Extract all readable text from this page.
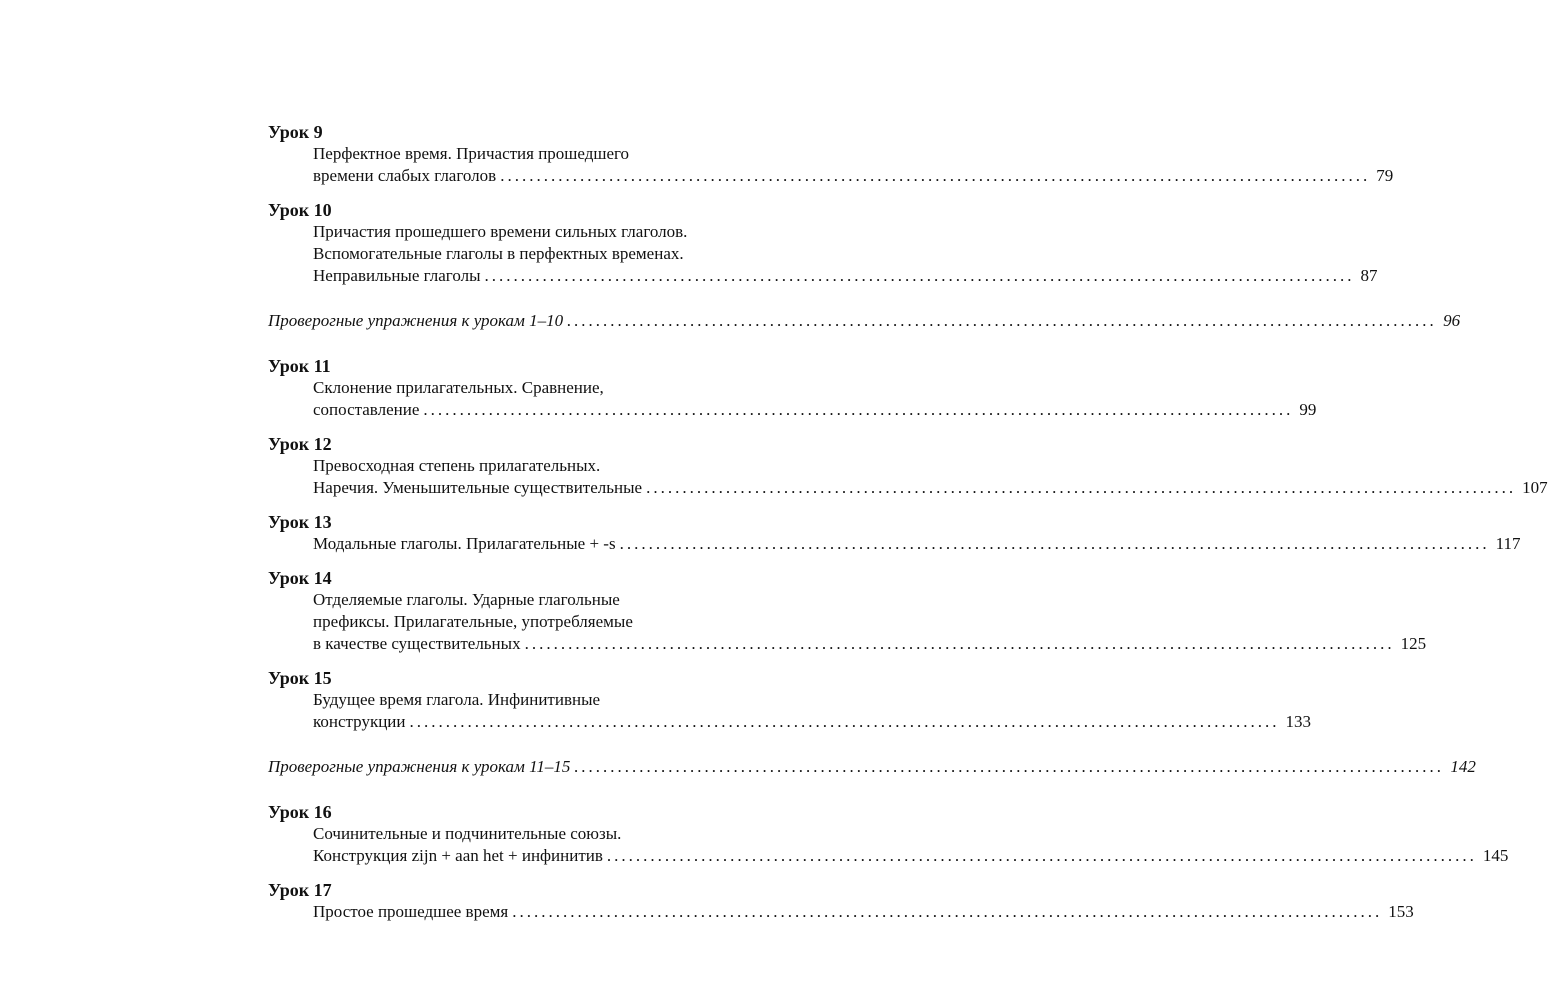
Урок 9
Перфектное время. Причастия прошедшего
времени слабых глаголов ........................................................................................................................ 79
Урок 10
Причастия прошедшего времени сильных глаголов.
Вспомогательные глаголы в перфектных временах.
Неправильные глаголы ........................................................................................................................ 87
Проверогные упражнения к урокам 1–10 ........................................................................................................................ 96
Урок 11
Склонение прилагательных. Сравнение,
сопоставление ........................................................................................................................ 99
Урок 12
Превосходная степень прилагательных.
Наречия. Уменьшительные существительные ........................................................................................................................ 107
Урок 13
Модальные глаголы. Прилагательные + -s ........................................................................................................................ 117
Урок 14
Отделяемые глаголы. Ударные глагольные
префиксы. Прилагательные, употребляемые
в качестве существительных ........................................................................................................................ 125
Урок 15
Будущее время глагола. Инфинитивные
конструкции ........................................................................................................................ 133
Проверогные упражнения к урокам 11–15 ........................................................................................................................ 142
Урок 16
Сочинительные и подчинительные союзы.
Конструкция zijn + aan het + инфинитив ........................................................................................................................ 145
Урок 17
Простое прошедшее время ........................................................................................................................ 153
